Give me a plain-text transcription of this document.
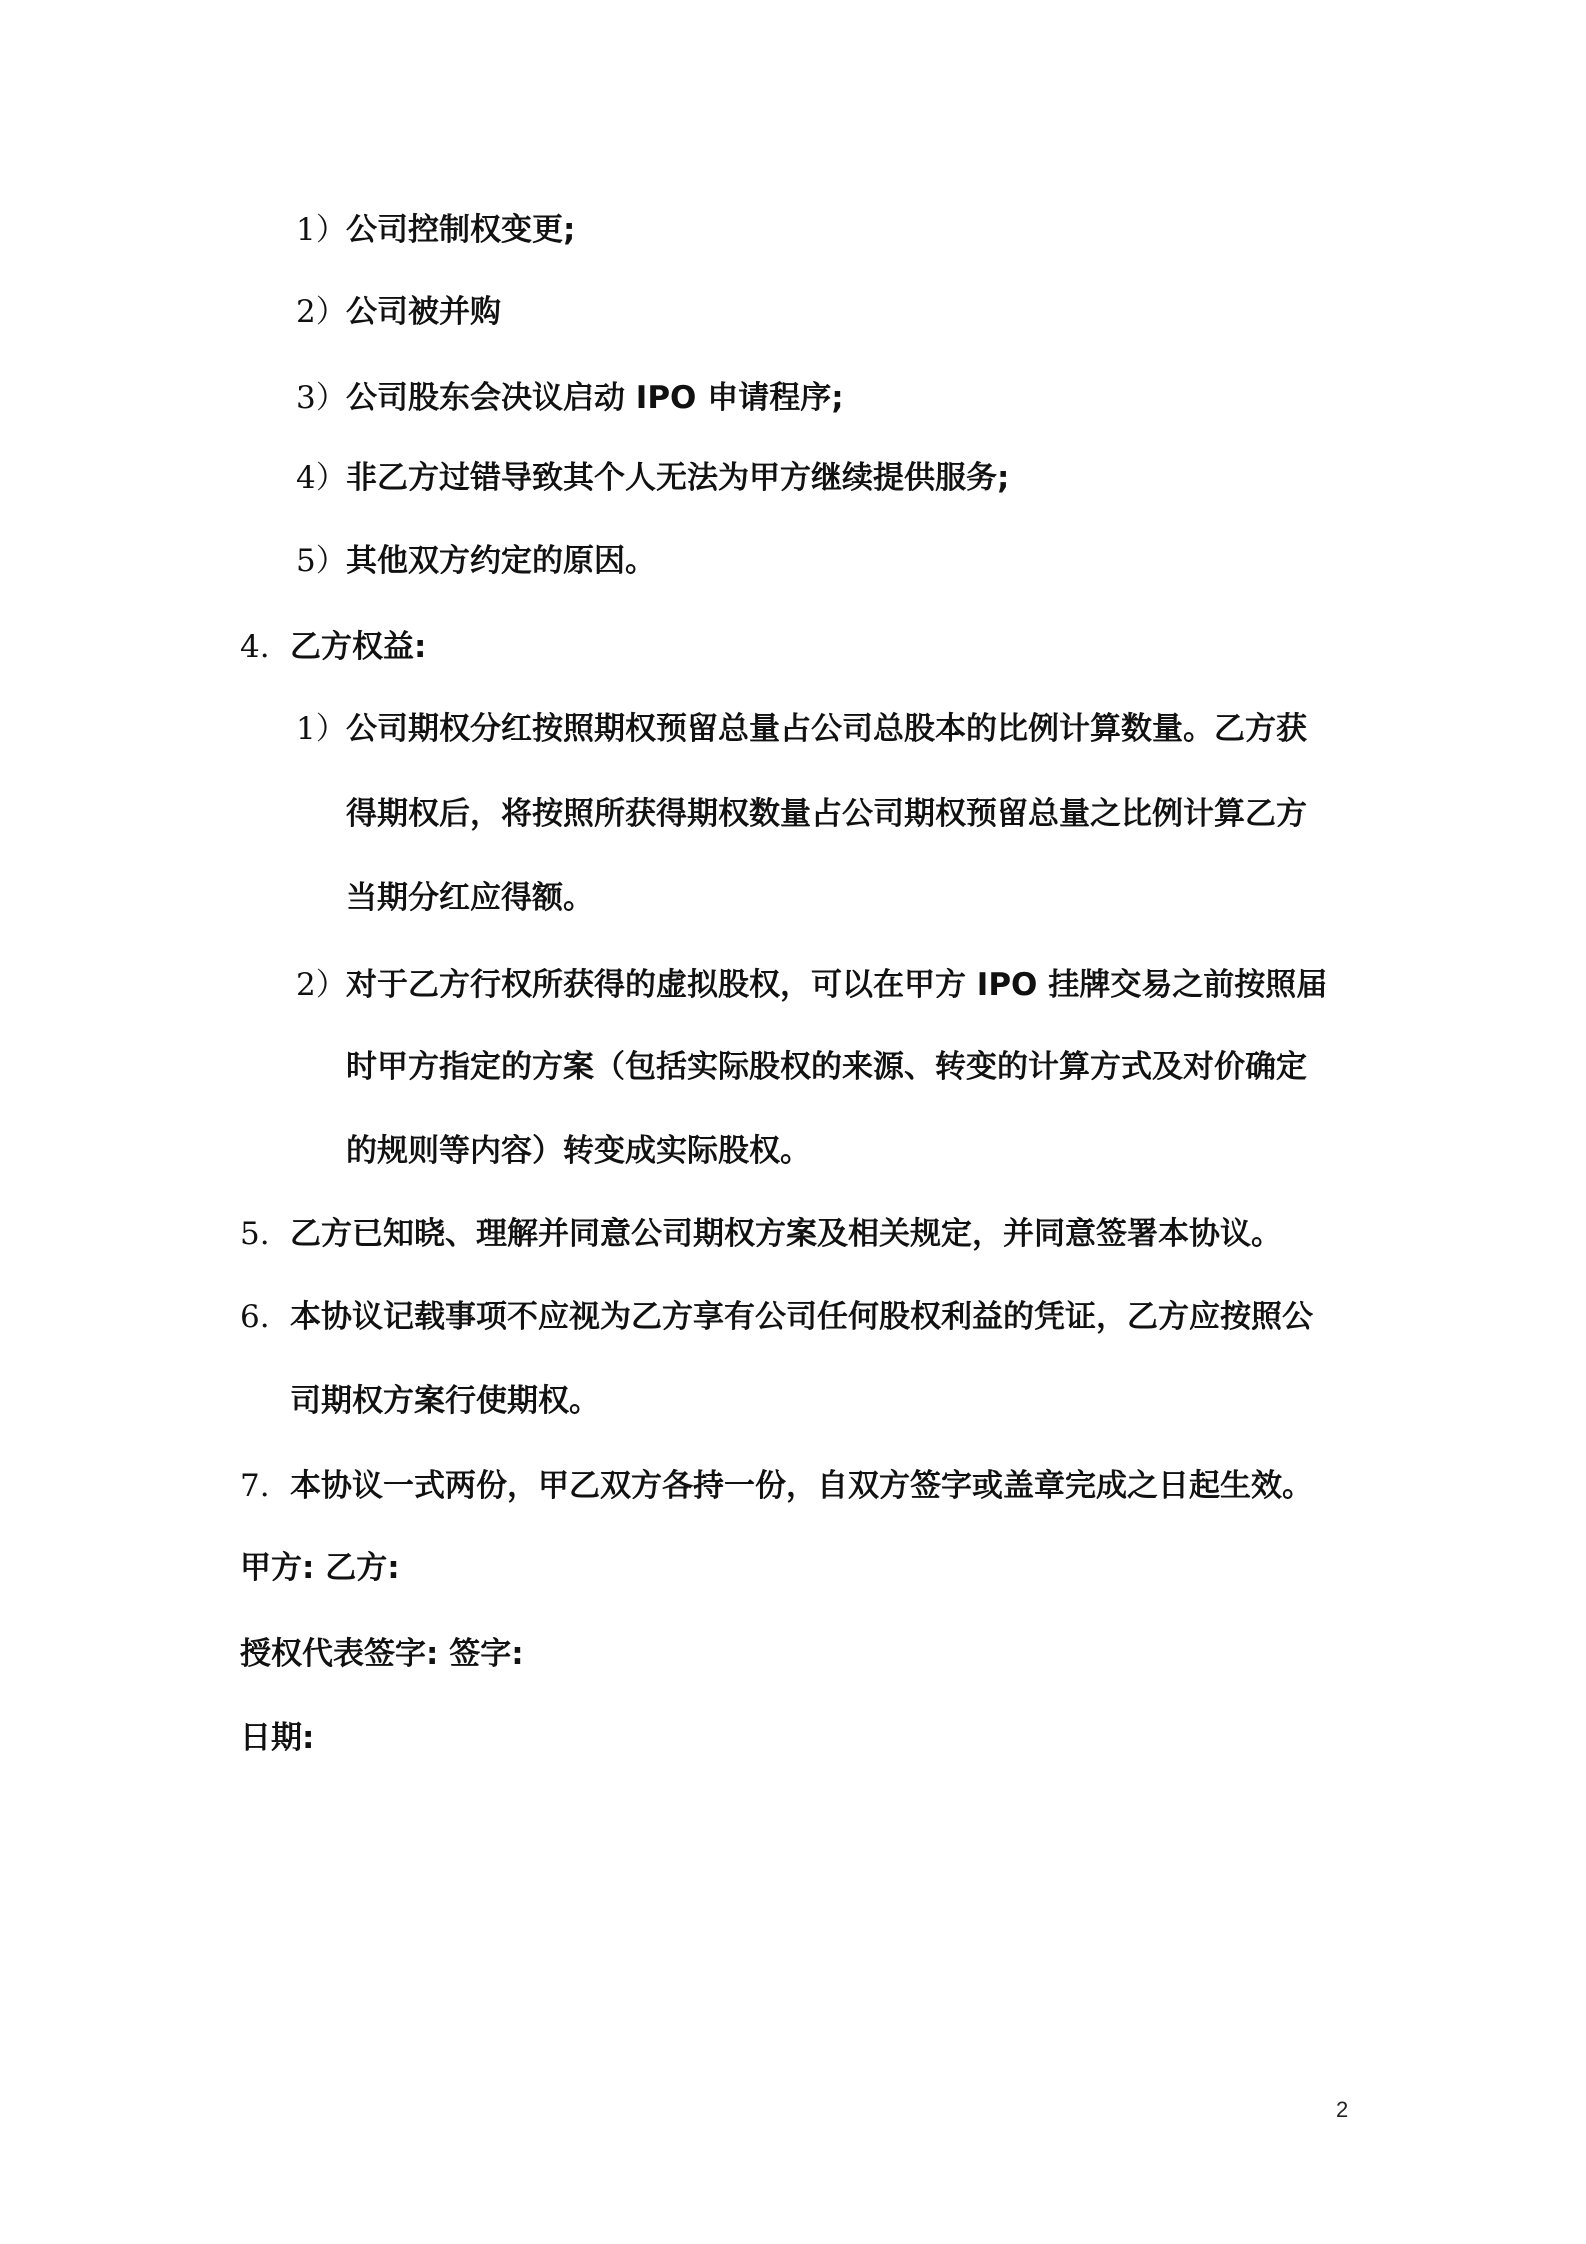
1）公司控制权变更;
2）公司被并购
3）公司股东会决议启动 IPO 申请程序;
4）非乙方过错导致其个人无法为甲方继续提供服务;
5）其他双方约定的原因。
4. 乙方权益:
1）公司期权分红按照期权预留总量占公司总股本的比例计算数量。乙方获
得期权后，将按照所获得期权数量占公司期权预留总量之比例计算乙方
当期分红应得额。
2）对于乙方行权所获得的虚拟股权，可以在甲方 IPO 挂牌交易之前按照届
时甲方指定的方案（包括实际股权的来源、转变的计算方式及对价确定
的规则等内容）转变成实际股权。
5. 乙方已知晓、理解并同意公司期权方案及相关规定，并同意签署本协议。
6. 本协议记载事项不应视为乙方享有公司任何股权利益的凭证，乙方应按照公
司期权方案行使期权。
7. 本协议一式两份，甲乙双方各持一份，自双方签字或盖章完成之日起生效。
甲方: 乙方:
授权代表签字: 签字:
日期:
2
